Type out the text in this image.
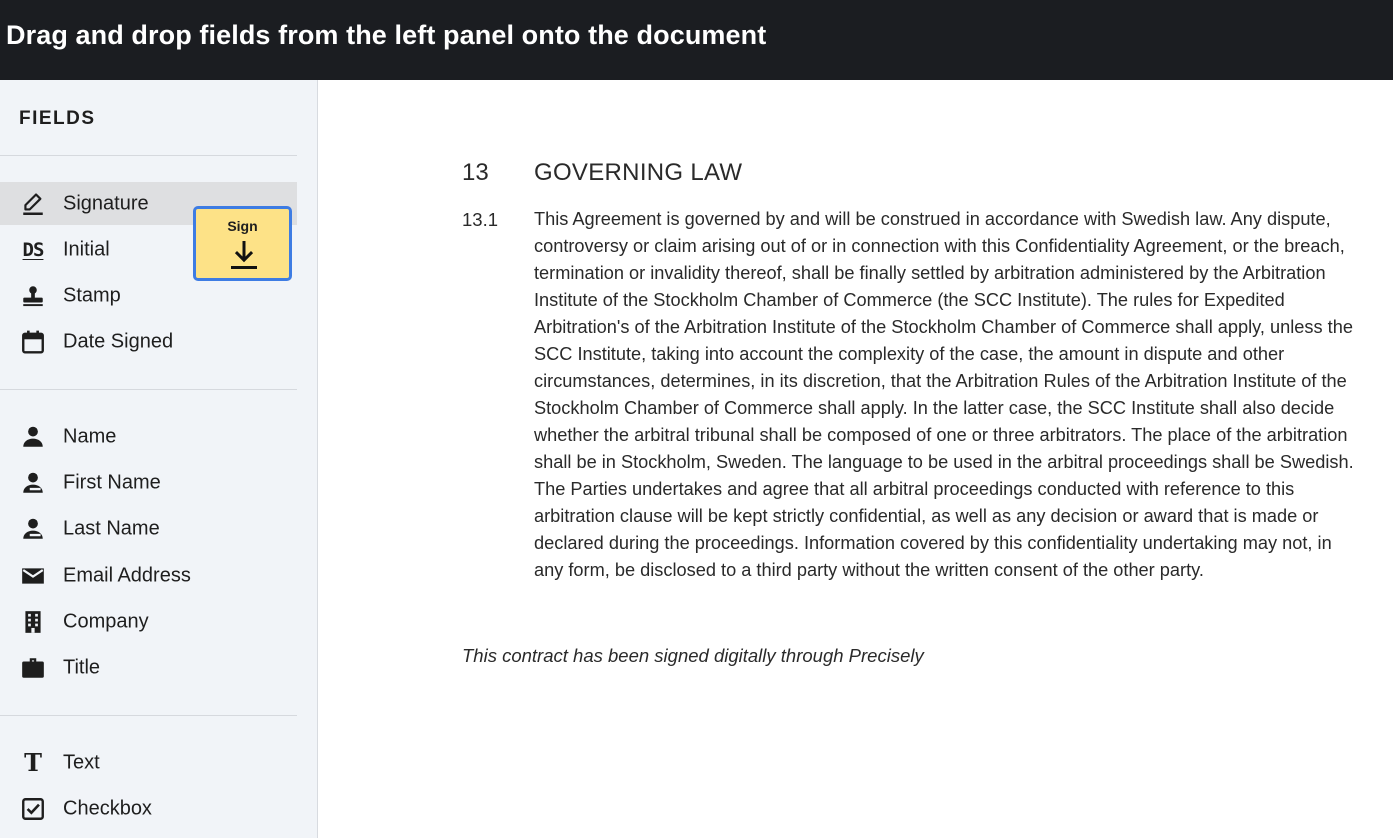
Drag and drop fields from the left panel onto the document
FIELDS
Signature
DS Initial
Stamp
Date Signed
Name
First Name
Last Name
Email Address
Company
Title
T Text
Checkbox
Sign
13 GOVERNING LAW
13.1 This Agreement is governed by and will be construed in accordance with Swedish law. Any dispute, controversy or claim arising out of or in connection with this Confidentiality Agreement, or the breach, termination or invalidity thereof, shall be finally settled by arbitration administered by the Arbitration Institute of the Stockholm Chamber of Commerce (the SCC Institute). The rules for Expedited Arbitration's of the Arbitration Institute of the Stockholm Chamber of Commerce shall apply, unless the SCC Institute, taking into account the complexity of the case, the amount in dispute and other circumstances, determines, in its discretion, that the Arbitration Rules of the Arbitration Institute of the Stockholm Chamber of Commerce shall apply. In the latter case, the SCC Institute shall also decide whether the arbitral tribunal shall be composed of one or three arbitrators. The place of the arbitration shall be in Stockholm, Sweden. The language to be used in the arbitral proceedings shall be Swedish. The Parties undertakes and agree that all arbitral proceedings conducted with reference to this arbitration clause will be kept strictly confidential, as well as any decision or award that is made or declared during the proceedings. Information covered by this confidentiality undertaking may not, in any form, be disclosed to a third party without the written consent of the other party.
This contract has been signed digitally through Precisely
